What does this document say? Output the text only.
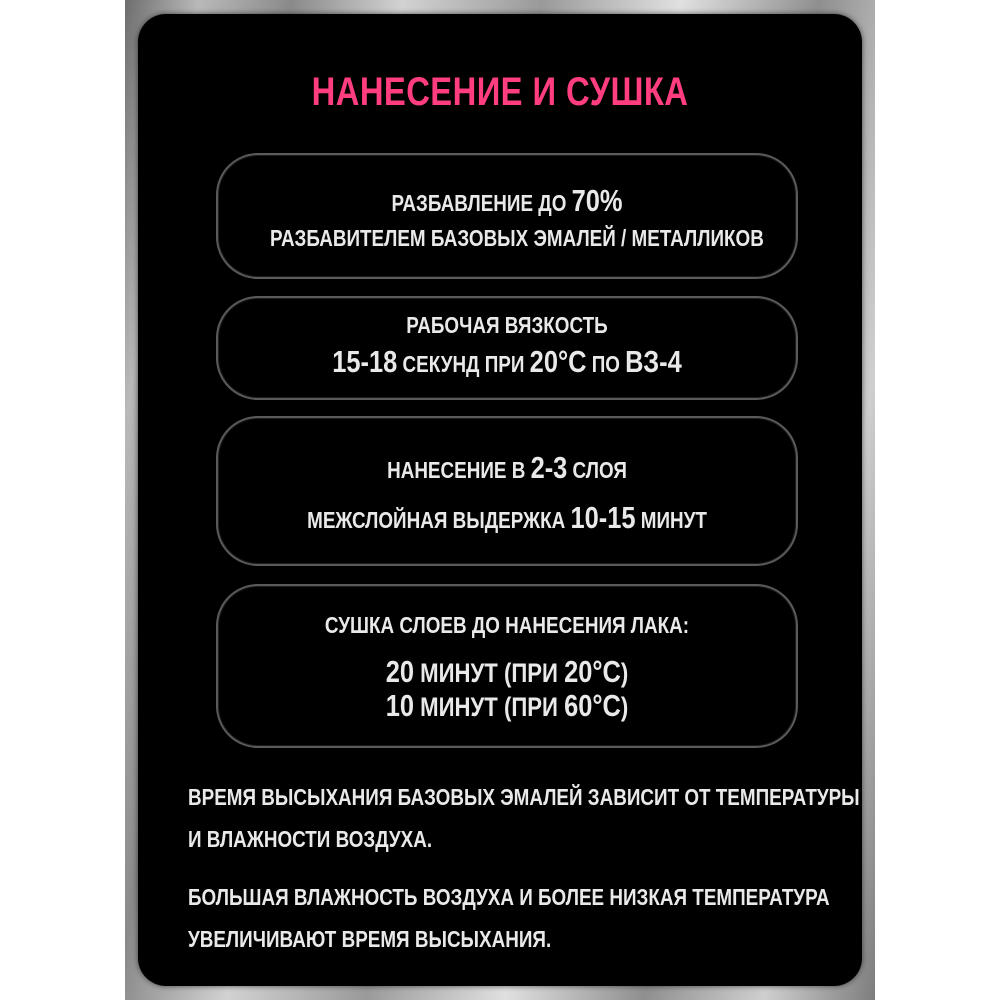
НАНЕСЕНИЕ И СУШКА
РАЗБАВЛЕНИЕ ДО 70%
РАЗБАВИТЕЛЕМ БАЗОВЫХ ЭМАЛЕЙ / МЕТАЛЛИКОВ
РАБОЧАЯ ВЯЗКОСТЬ
15-18 СЕКУНД ПРИ 20°С ПО ВЗ-4
НАНЕСЕНИЕ В 2-3 СЛОЯ
МЕЖСЛОЙНАЯ ВЫДЕРЖКА 10-15 МИНУТ
СУШКА СЛОЕВ ДО НАНЕСЕНИЯ ЛАКА:
20 МИНУТ (ПРИ 20°С)
10 МИНУТ (ПРИ 60°С)
ВРЕМЯ ВЫСЫХАНИЯ БАЗОВЫХ ЭМАЛЕЙ ЗАВИСИТ ОТ ТЕМПЕРАТУРЫ
И ВЛАЖНОСТИ ВОЗДУХА.
БОЛЬШАЯ ВЛАЖНОСТЬ ВОЗДУХА И БОЛЕЕ НИЗКАЯ ТЕМПЕРАТУРА
УВЕЛИЧИВАЮТ ВРЕМЯ ВЫСЫХАНИЯ.
